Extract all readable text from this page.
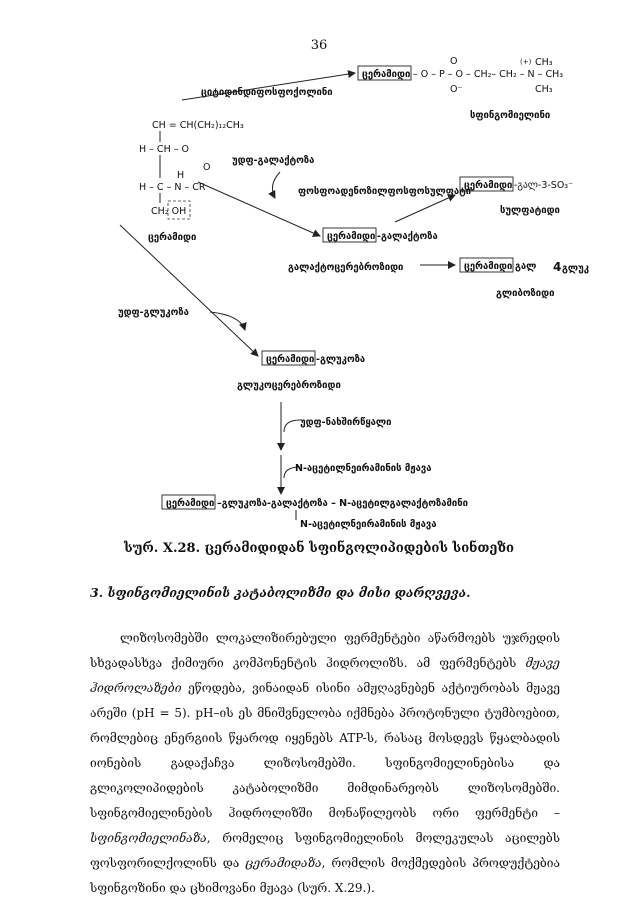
36
CH = CH(CH₂)₁₂CH₃
H – CH – O
O
H
H – C – N – CR
CH₂ OH
ცერამიდი
ციტიდინდიფოსფოქოლინი
ცერამიდი – O – P – O – CH₂– CH₂ – N – CH₃
O
O⁻
(+) CH₃
CH₃
სფინგომიელინი
უდფ-გალაქტოზა
ფოსფოადენოზილფოსფოსულფატი
ცერამიდი -გალ-3-SO₃⁻
სულფატიდი
ცერამიდი -გალაქტოზა
გალაქტოცერებროზიდი	ცერამიდი გალ 4 გლუკ
გლიბოზიდი
უდფ-გლუკოზა
ცერამიდი -გლუკოზა
გლუკოცერებროზიდი
უდფ-ნახშირწყალი
N-აცეტილნეირამინის მჟავა
ცერამიდი –გლუკოზა-გალაქტოზა – N-აცეტილგალაქტოზამინი
N-აცეტილნეირამინის მჟავა
სურ. X.28. ცერამიდიდან სფინგოლიპიდების სინთეზი
3. სფინგომიელინის კატაბოლიზმი და მისი დარღვევა.

ლიზოსომებში ლოკალიზირებული ფერმენტები აწარმოებს უჯრედის სხვადასხვა ქიმიური კომპონენტის ჰიდროლიზს. ამ ფერმენტებს მჟავე ჰიდროლაზები ეწოდება, ვინაიდან ისინი ამჟღავნებენ აქტიურობას მჟავე არეში (pH = 5). pH–ის ეს მნიშვნელობა იქმნება პროტონული ტუმბოებით, რომლებიც ენერგიის წყაროდ იყენებს ATP-ს, რასაც მოსდევს წყალბადის იონების გადაქაჩვა ლიზოსომებში. სფინგომიელინებისა და გლიკოლიპიდების კატაბოლიზმი მიმდინარეობს ლიზოსომებში. სფინგომიელინების ჰიდროლიზში მონაწილეობს ორი ფერმენტი – სფინგომიელინაზა, რომელიც სფინგომიელინის მოლეკულას აცილებს ფოსფორილქოლინს და ცერამიდაზა, რომლის მოქმედების პროდუქტებია სფინგოზინი და ცხიმოვანი მჟავა (სურ. X.29.).
